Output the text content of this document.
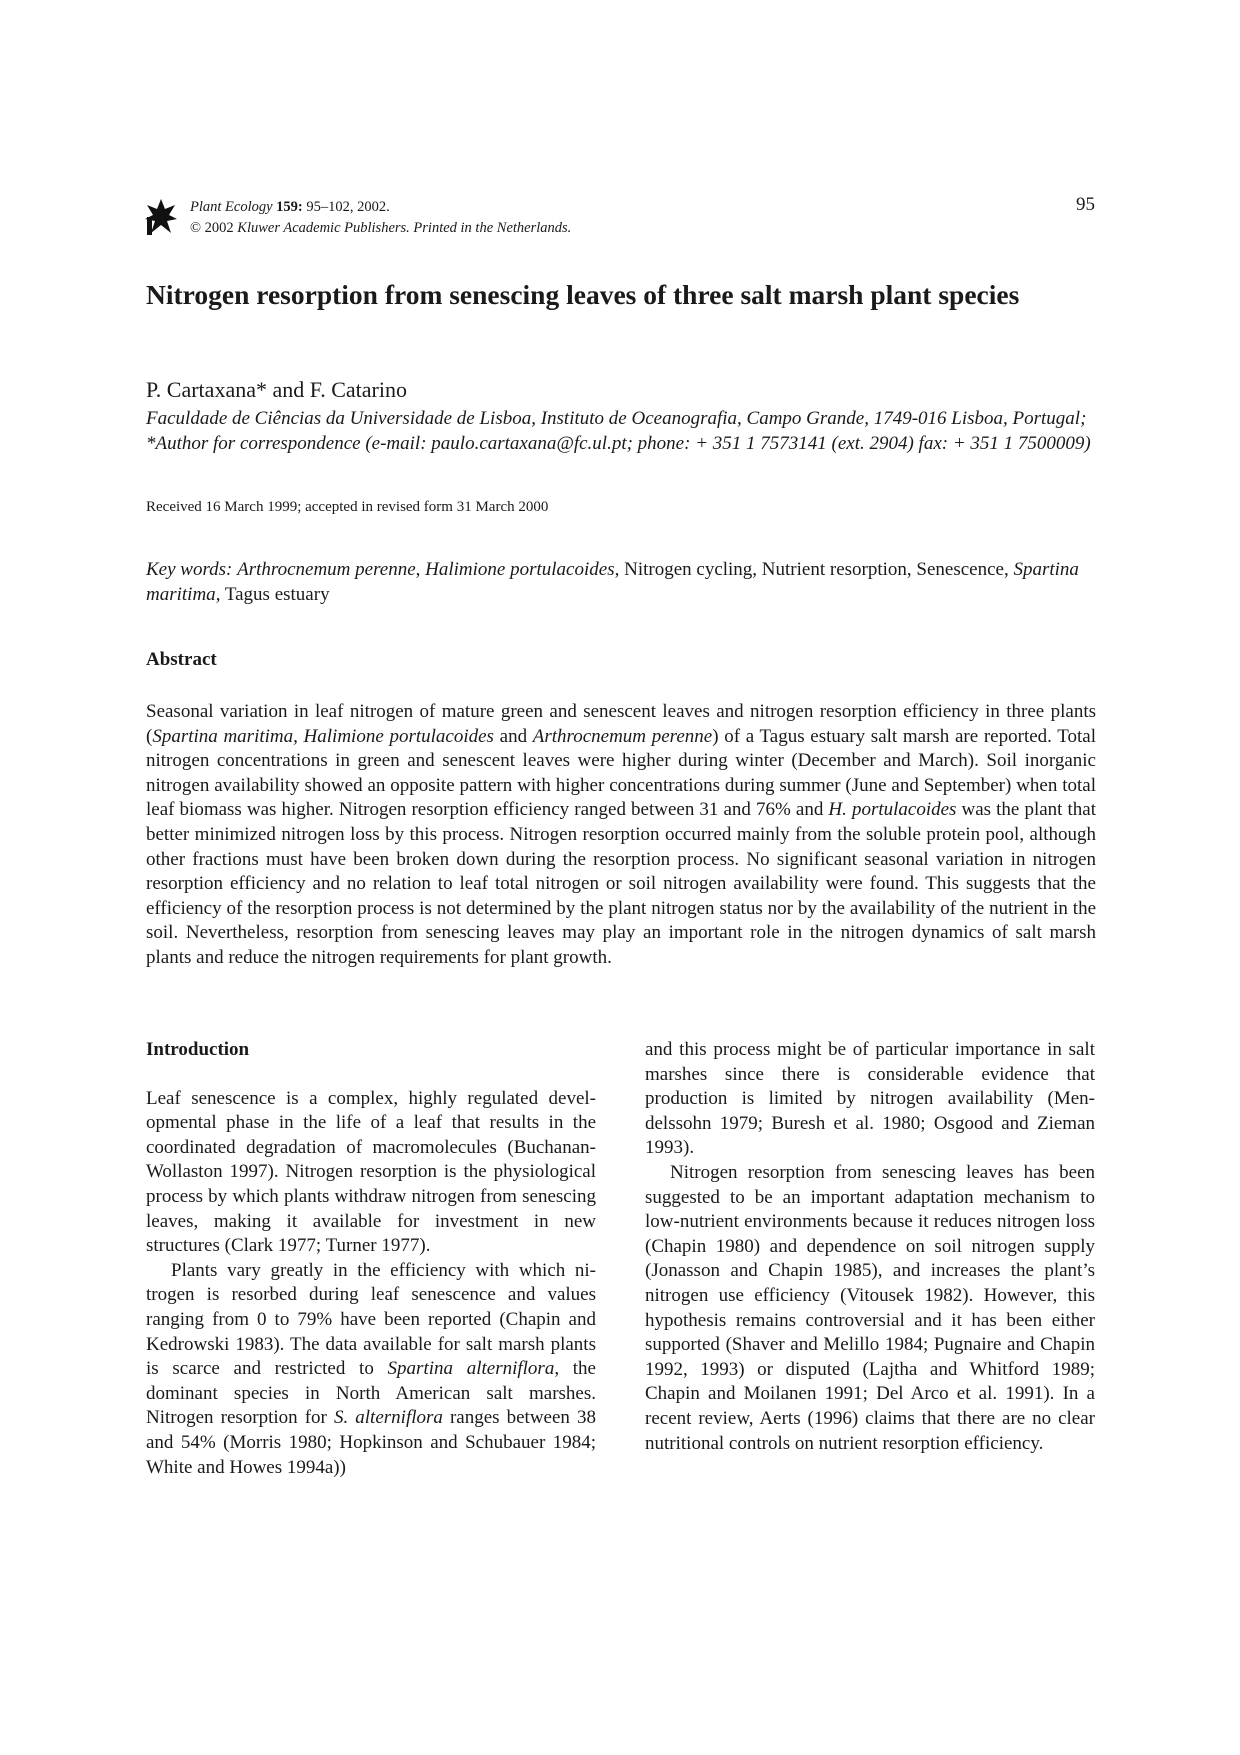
Plant Ecology 159: 95–102, 2002.
© 2002 Kluwer Academic Publishers. Printed in the Netherlands.
95
Nitrogen resorption from senescing leaves of three salt marsh plant species
P. Cartaxana* and F. Catarino
Faculdade de Ciências da Universidade de Lisboa, Instituto de Oceanografia, Campo Grande, 1749-016 Lisboa, Portugal; *Author for correspondence (e-mail: paulo.cartaxana@fc.ul.pt; phone: + 351 1 7573141 (ext. 2904) fax: + 351 1 7500009)
Received 16 March 1999; accepted in revised form 31 March 2000
Key words: Arthrocnemum perenne, Halimione portulacoides, Nitrogen cycling, Nutrient resorption, Senescence, Spartina maritima, Tagus estuary
Abstract

Seasonal variation in leaf nitrogen of mature green and senescent leaves and nitrogen resorption efficiency in three plants (Spartina maritima, Halimione portulacoides and Arthrocnemum perenne) of a Tagus estuary salt marsh are reported. Total nitrogen concentrations in green and senescent leaves were higher during winter (December and March). Soil inorganic nitrogen availability showed an opposite pattern with higher concentrations during summer (June and September) when total leaf biomass was higher. Nitrogen resorption efficiency ranged between 31 and 76% and H. portulacoides was the plant that better minimized nitrogen loss by this process. Nitrogen resorption occurred mainly from the soluble protein pool, although other fractions must have been broken down during the resorption process. No significant seasonal variation in nitrogen resorption efficiency and no relation to leaf total nitrogen or soil nitrogen availability were found. This suggests that the efficiency of the resorption process is not determined by the plant nitrogen status nor by the availability of the nutrient in the soil. Nevertheless, resorption from senescing leaves may play an important role in the nitrogen dynamics of salt marsh plants and reduce the nitrogen requirements for plant growth.

Introduction

Leaf senescence is a complex, highly regulated developmental phase in the life of a leaf that results in the coordinated degradation of macromolecules (Buchanan-Wollaston 1997). Nitrogen resorption is the physiological process by which plants withdraw nitrogen from senescing leaves, making it available for investment in new structures (Clark 1977; Turner 1977).

Plants vary greatly in the efficiency with which nitrogen is resorbed during leaf senescence and values ranging from 0 to 79% have been reported (Chapin and Kedrowski 1983). The data available for salt marsh plants is scarce and restricted to Spartina alterniflora, the dominant species in North American salt marshes. Nitrogen resorption for S. alterniflora ranges between 38 and 54% (Morris 1980; Hopkinson and Schubauer 1984; White and Howes 1994a))

and this process might be of particular importance in salt marshes since there is considerable evidence that production is limited by nitrogen availability (Mendelssohn 1979; Buresh et al. 1980; Osgood and Zieman 1993).

Nitrogen resorption from senescing leaves has been suggested to be an important adaptation mechanism to low-nutrient environments because it reduces nitrogen loss (Chapin 1980) and dependence on soil nitrogen supply (Jonasson and Chapin 1985), and increases the plant’s nitrogen use efficiency (Vitousek 1982). However, this hypothesis remains controversial and it has been either supported (Shaver and Melillo 1984; Pugnaire and Chapin 1992, 1993) or disputed (Lajtha and Whitford 1989; Chapin and Moilanen 1991; Del Arco et al. 1991). In a recent review, Aerts (1996) claims that there are no clear nutritional controls on nutrient resorption efficiency.
